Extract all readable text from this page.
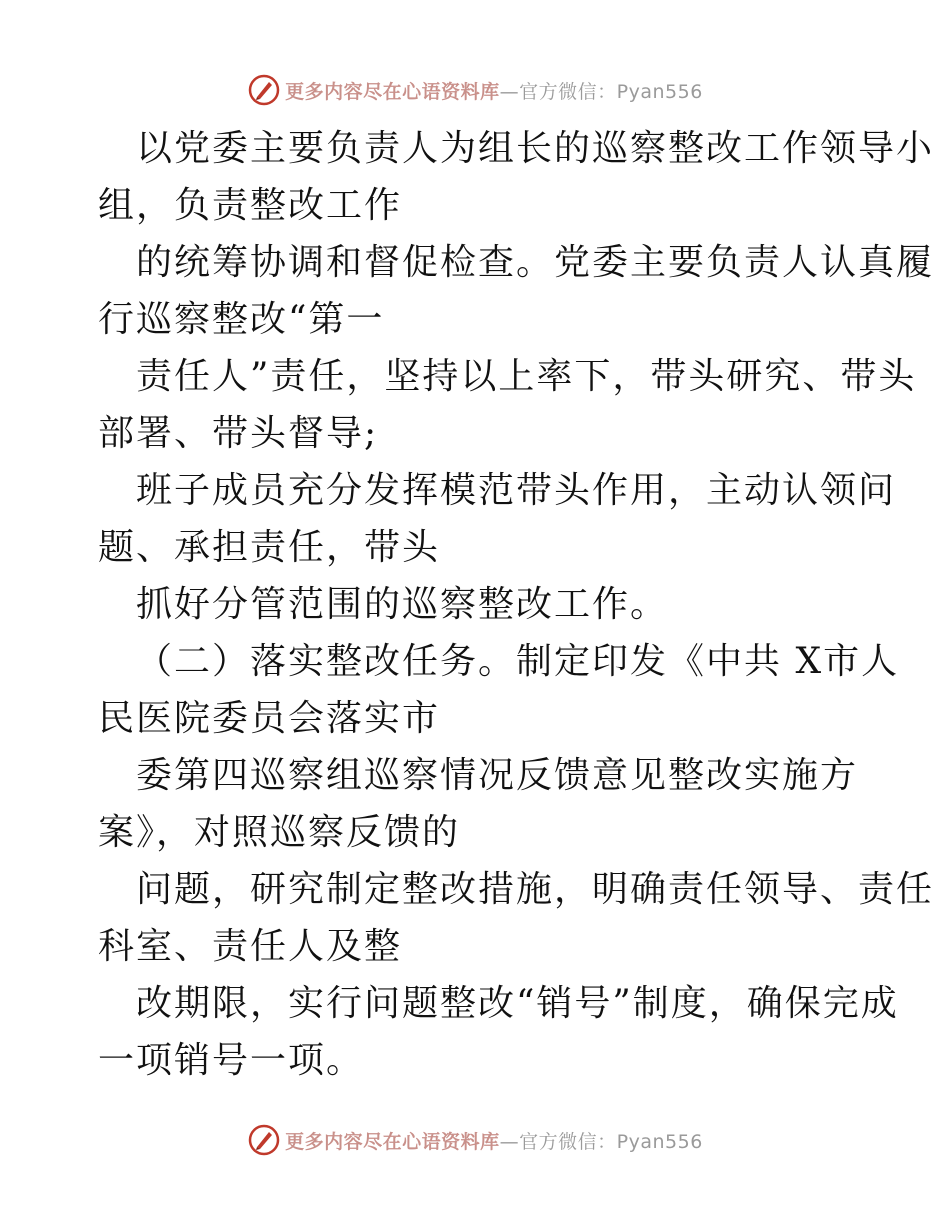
更多内容尽在心语资料库—官方微信：Pyan556
以党委主要负责人为组长的巡察整改工作领导小
组，负责整改工作
的统筹协调和督促检查。党委主要负责人认真履
行巡察整改“第一
责任人”责任，坚持以上率下，带头研究、带头
部署、带头督导;
班子成员充分发挥模范带头作用，主动认领问
题、承担责任，带头
抓好分管范围的巡察整改工作。
（二）落实整改任务。制定印发《中共 X市人
民医院委员会落实市
委第四巡察组巡察情况反馈意见整改实施方
案》，对照巡察反馈的
问题，研究制定整改措施，明确责任领导、责任
科室、责任人及整
改期限，实行问题整改“销号”制度，确保完成
一项销号一项。
更多内容尽在心语资料库—官方微信：Pyan556
